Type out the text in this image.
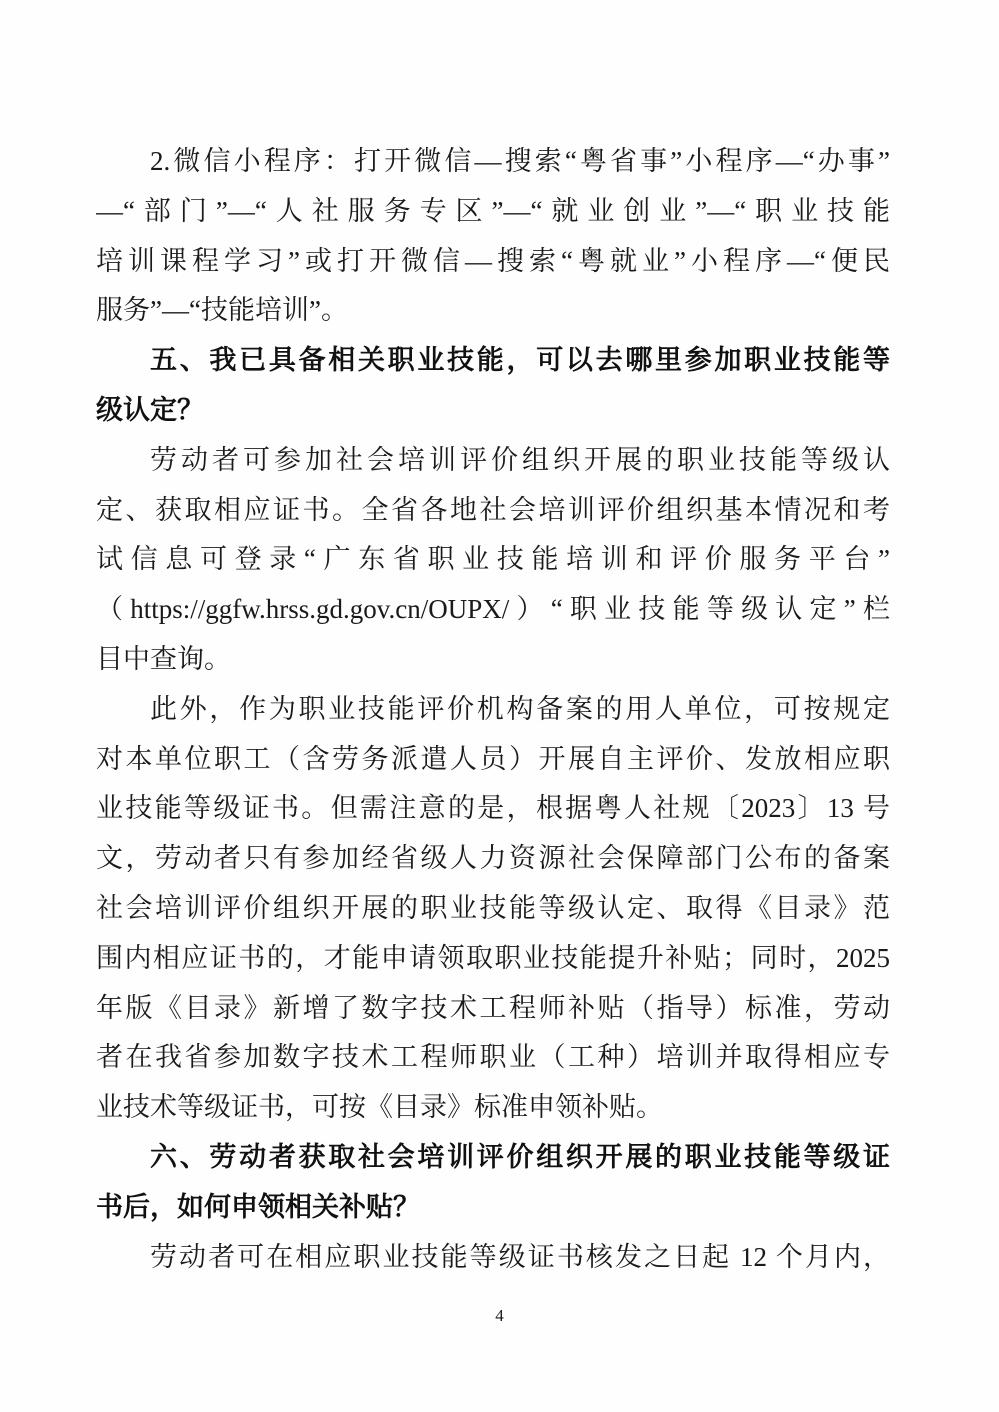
2.微信小程序：打开微信—搜索“粤省事”小程序—“办事”
—“部门”—“人社服务专区”—“就业创业”—“职业技能
培训课程学习”或打开微信—搜索“粤就业”小程序—“便民
服务”—“技能培训”。
五、我已具备相关职业技能，可以去哪里参加职业技能等
级认定？
劳动者可参加社会培训评价组织开展的职业技能等级认
定、获取相应证书。全省各地社会培训评价组织基本情况和考
试信息可登录“广东省职业技能培训和评价服务平台”
（https://ggfw.hrss.gd.gov.cn/OUPX/）“职业技能等级认定”栏
目中查询。
此外，作为职业技能评价机构备案的用人单位，可按规定
对本单位职工（含劳务派遣人员）开展自主评价、发放相应职
业技能等级证书。但需注意的是，根据粤人社规〔2023〕13 号
文，劳动者只有参加经省级人力资源社会保障部门公布的备案
社会培训评价组织开展的职业技能等级认定、取得《目录》范
围内相应证书的，才能申请领取职业技能提升补贴；同时，2025
年版《目录》新增了数字技术工程师补贴（指导）标准，劳动
者在我省参加数字技术工程师职业（工种）培训并取得相应专
业技术等级证书，可按《目录》标准申领补贴。
六、劳动者获取社会培训评价组织开展的职业技能等级证
书后，如何申领相关补贴？
劳动者可在相应职业技能等级证书核发之日起 12 个月内，
4
